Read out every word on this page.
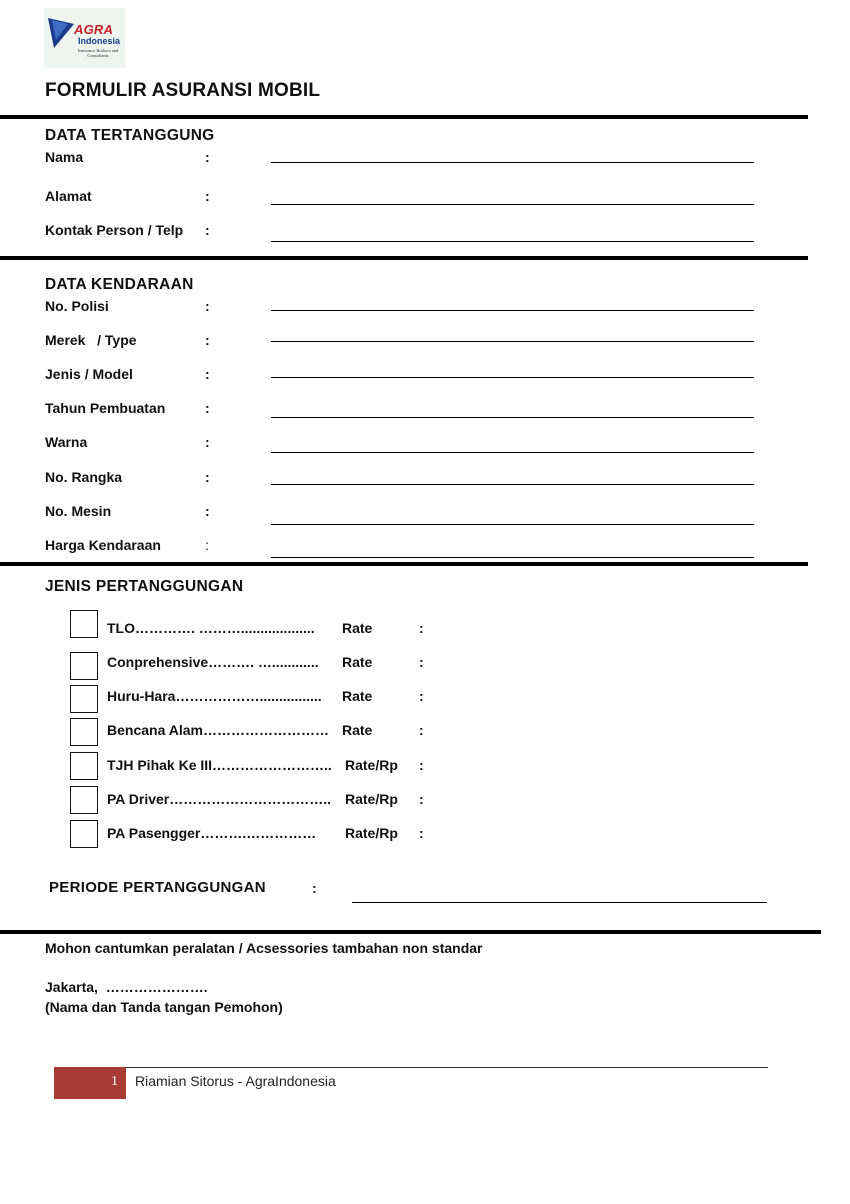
AGRA
Indonesia
Insurance Brokers and Consultants
FORMULIR ASURANSI MOBIL
DATA TERTANGGUNG
Nama	:
Alamat	:
Kontak Person / Telp :
DATA KENDARAAN
No. Polisi	:
Merek   / Type	:
Jenis / Model	:
Tahun Pembuatan	:
Warna	:
No. Rangka	:
No. Mesin	:
Harga Kendaraan	:
JENIS PERTANGGUNGAN
TLO…………. ………................... Rate	:
Conprehensive………. …............ Rate	:
Huru-Hara………………................ Rate	:
Bencana Alam……………………… Rate	:
TJH Pihak Ke III…………………….. Rate/Rp :
PA Driver…………………………….. Rate/Rp :
PA Pasengger……….…………… Rate/Rp :
PERIODE PERTANGGUNGAN	:
Mohon cantumkan peralatan / Acsessories tambahan non standar
Jakarta,  ………………….
(Nama dan Tanda tangan Pemohon)
1 Riamian Sitorus - AgraIndonesia
